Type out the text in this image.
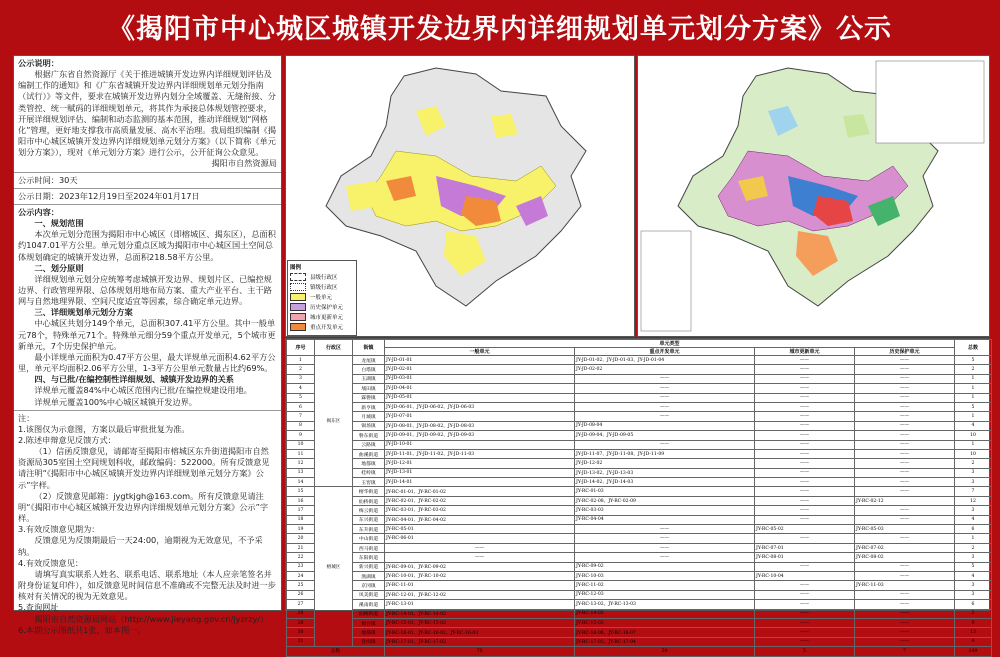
《揭阳市中心城区城镇开发边界内详细规划单元划分方案》公示

公示说明：

根据广东省自然资源厅《关于推进城镇开发边界内详细规划评估及编制工作的通知》和《广东省城镇开发边界内详细规划单元划分指南（试行）》等文件，要求在城镇开发边界内划分全域覆盖、无缝衔接、分类管控、统一赋码的详细规划单元，将其作为承接总体规划管控要求，开展详细规划评估、编制和动态监测的基本范围，推动详细规划“网格化”管理，更好地支撑我市高质量发展、高水平治理。我局组织编制《揭阳市中心城区城镇开发边界内详细规划单元划分方案》（以下简称《单元划分方案》），现对《单元划分方案》进行公示，公开征询公众意见。

揭阳市自然资源局

公示时间：30天

公示日期：2023年12月19日至2024年01月17日

公示内容：

一、规划范围

本次单元划分范围为揭阳市中心城区（即榕城区、揭东区），总面积约1047.01平方公里。单元划分重点区域为揭阳市中心城区国土空间总体规划确定的城镇开发边界，总面积218.58平方公里。

二、划分原则

详细规划单元划分应统筹考虑城镇开发边界、规划片区、已编控规边界、行政管理界限、总体规划用地布局方案、重大产业平台、主干路网与自然地理界限、空间尺度适宜等因素，综合确定单元边界。

三、详细规划单元划分方案

中心城区共划分149个单元，总面积307.41平方公里。其中一般单元78个，特殊单元71个。特殊单元细分59个重点开发单元，5个城市更新单元，7个历史保护单元。

最小详规单元面积为0.47平方公里，最大详规单元面积4.62平方公里，单元平均面积2.06平方公里，1-3平方公里单元数量占比约69%。

四、与已批/在编控制性详细规划、城镇开发边界的关系

详规单元覆盖84%中心城区范围内已批/在编控规建设用地。

详规单元覆盖100%中心城区城镇开发边界。

注：

1.该图仅为示意图，方案以最后审批批复为准。

2.陈述申辩意见反馈方式：

（1）信函反馈意见，请邮寄至揭阳市榕城区东升街道揭阳市自然资源局305室国土空间规划科收，邮政编码：522000。所有反馈意见请注明“《揭阳市中心城区城镇开发边界内详细规划单元划分方案》公示”字样。

（2）反馈意见邮箱：jygtkjgh@163.com。所有反馈意见请注明“《揭阳市中心城区城镇开发边界内详细规划单元划分方案》公示”字样。

3.有效反馈意见期为：

反馈意见为反馈期最后一天24:00，逾期视为无效意见，不予采纳。

4.有效反馈意见：

请填写真实联系人姓名、联系电话、联系地址（本人应亲笔签名并附身份证复印件），如反馈意见时间信息不准确或不完整无法及时进一步核对有关情况的视为无效意见。

5.查询网址

揭阳市自然资源局网站（http://www.jieyang.gov.cn/jyzrzy/）

6.本期公示图纸共1张，如本图一。

图例
县级行政区
镇级行政区
一般单元
历史保护单元
城市更新单元
重点开发单元
序号	行政区	街镇	单元类型				总数
			一般单元	重点开发单元	城市更新单元	历史保护单元	
1	揭东区	龙尾镇	JY-JD-01-01	JY-JD-01-02、JY-JD-01-03、JY-JD-01-04	——	——	5
2		白塔镇	JY-JD-02-01	JY-JD-02-02	——	——	2
3		玉湖镇	JY-JD-03-01	——	——	——	1
4		埔田镇	JY-JD-04-01	——	——	——	1
5		霖磐镇	JY-JD-05-01	——	——	——	1
6		新亨镇	JY-JD-06-01、JY-JD-06-02、JY-JD-06-03	——	——	——	5
7		月城镇	JY-JD-07-01	——	——	——	1
8		锡场镇	JY-JD-08-01、JY-JD-08-02、JY-JD-08-03	JY-JD-08-04	——	——	4
9		磐东街道	JY-JD-09-01、JY-JD-09-02、JY-JD-09-03	JY-JD-09-04、JY-JD-09-05	——	——	10
10		云路镇	JY-JD-10-01	——	——	——	1
11		曲溪街道	JY-JD-11-01、JY-JD-11-02、JY-JD-11-03	JY-JD-11-07、JY-JD-11-08、JY-JD-11-09	——	——	10
12		地都镇	JY-JD-12-01	JY-JD-12-02	——	——	2
13		桂岭镇	JY-JD-13-01	JY-JD-13-02、JY-JD-13-03	——	——	3
14		玉窖镇	JY-JD-14-01	JY-JD-14-02、JY-JD-14-03	——	——	3
15	榕城区	榕华街道	JY-RC-01-01、JY-RC-01-02	JY-RC-01-03	——	——	7
16		仙桥街道	JY-RC-02-01、JY-RC-02-02	JY-RC-02-08、JY-RC-02-09	——	JY-RC-02-12	12
17		梅云街道	JY-RC-03-01、JY-RC-03-02	JY-RC-03-03	——	——	3
18		东兴街道	JY-RC-04-01、JY-RC-04-02	JY-RC-04-04	——	——	4
19		东升街道	JY-RC-05-01	——	JY-RC-05-02	JY-RC-05-03	6
20		中山街道	JY-RC-06-01	——	——	——	1
21		西马街道	——	——	JY-RC-07-01	JY-RC-07-02	2
22		东阳街道	——	——	JY-RC-08-01	JY-RC-08-02	3
23		新兴街道	JY-RC-09-01、JY-RC-09-02	JY-RC-09-02	——	——	5
24		渔湖镇	JY-RC-10-01、JY-RC-10-02	JY-RC-10-03	JY-RC-10-04	——	4
25		京冈镇	JY-RC-11-01	JY-RC-11-02	——	JY-RC-11-03	3
26		凤美街道	JY-RC-12-01、JY-RC-12-02	JY-RC-12-03	——	——	3
27		溪南街道	JY-RC-13-01	JY-RC-13-02、JY-RC-13-03	——	——	6
28		仙梅街道	JY-RC-14-01、JY-RC-14-02	JY-RC-14-03	——	——	2
29		炮台镇	JY-RC-15-01、JY-RC-15-02	JY-RC-15-03	——	——	9
30		地都镇	JY-RC-16-01、JY-RC-16-02、JY-RC-16-03	JY-RC-16-06、JY-RC-16-07	——	——	13
31		登岗镇	JY-RC-17-01、JY-RC-17-02	JY-RC-17-03、JY-RC-17-04	——	——	4
总数			78	59	5	7	149
